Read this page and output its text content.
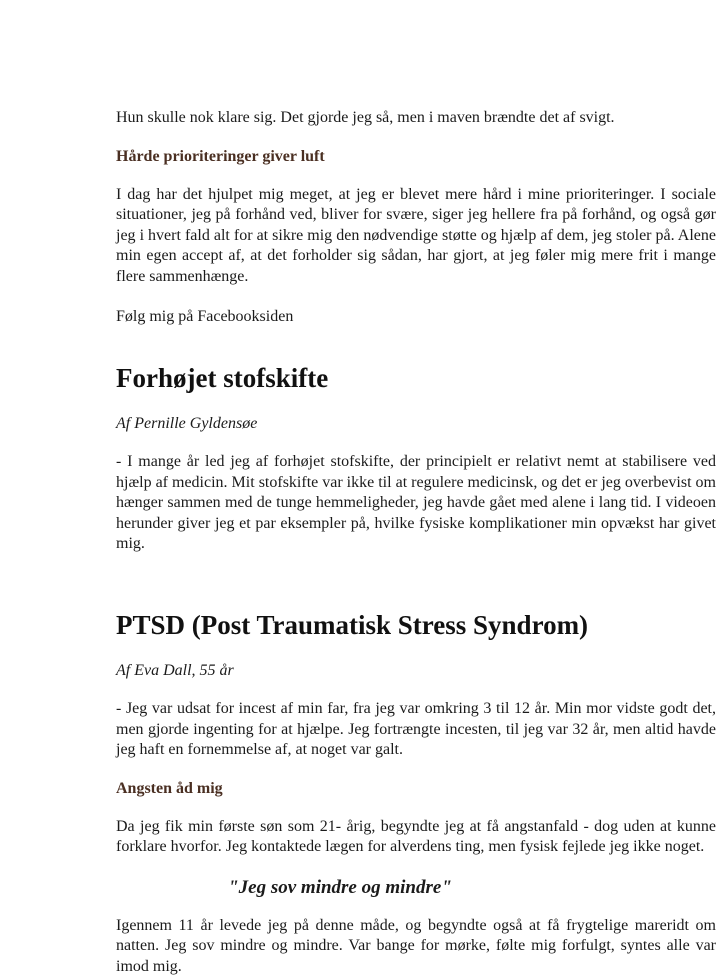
Hun skulle nok klare sig. Det gjorde jeg så, men i maven brændte det af svigt.

Hårde prioriteringer giver luft

I dag har det hjulpet mig meget, at jeg er blevet mere hård i mine prioriteringer. I sociale situationer, jeg på forhånd ved, bliver for svære, siger jeg hellere fra på forhånd, og også gør jeg i hvert fald alt for at sikre mig den nødvendige støtte og hjælp af dem, jeg stoler på. Alene min egen accept af, at det forholder sig sådan, har gjort, at jeg føler mig mere frit i mange flere sammenhænge.

Følg mig på Facebooksiden

Forhøjet stofskifte

Af Pernille Gyldensøe

- I mange år led jeg af forhøjet stofskifte, der principielt er relativt nemt at stabilisere ved hjælp af medicin. Mit stofskifte var ikke til at regulere medicinsk, og det er jeg overbevist om hænger sammen med de tunge hemmeligheder, jeg havde gået med alene i lang tid. I videoen herunder giver jeg et par eksempler på, hvilke fysiske komplikationer min opvækst har givet mig.

PTSD (Post Traumatisk Stress Syndrom)

Af Eva Dall, 55 år

- Jeg var udsat for incest af min far, fra jeg var omkring 3 til 12 år. Min mor vidste godt det, men gjorde ingenting for at hjælpe. Jeg fortrængte incesten, til jeg var 32 år, men altid havde jeg haft en fornemmelse af, at noget var galt.

Angsten åd mig

Da jeg fik min første søn som 21- årig, begyndte jeg at få angstanfald - dog uden at kunne forklare hvorfor. Jeg kontaktede lægen for alverdens ting, men fysisk fejlede jeg ikke noget.

"Jeg sov mindre og mindre"

Igennem 11 år levede jeg på denne måde, og begyndte også at få frygtelige mareridt om natten. Jeg sov mindre og mindre. Var bange for mørke, følte mig forfulgt, syntes alle var imod mig.
